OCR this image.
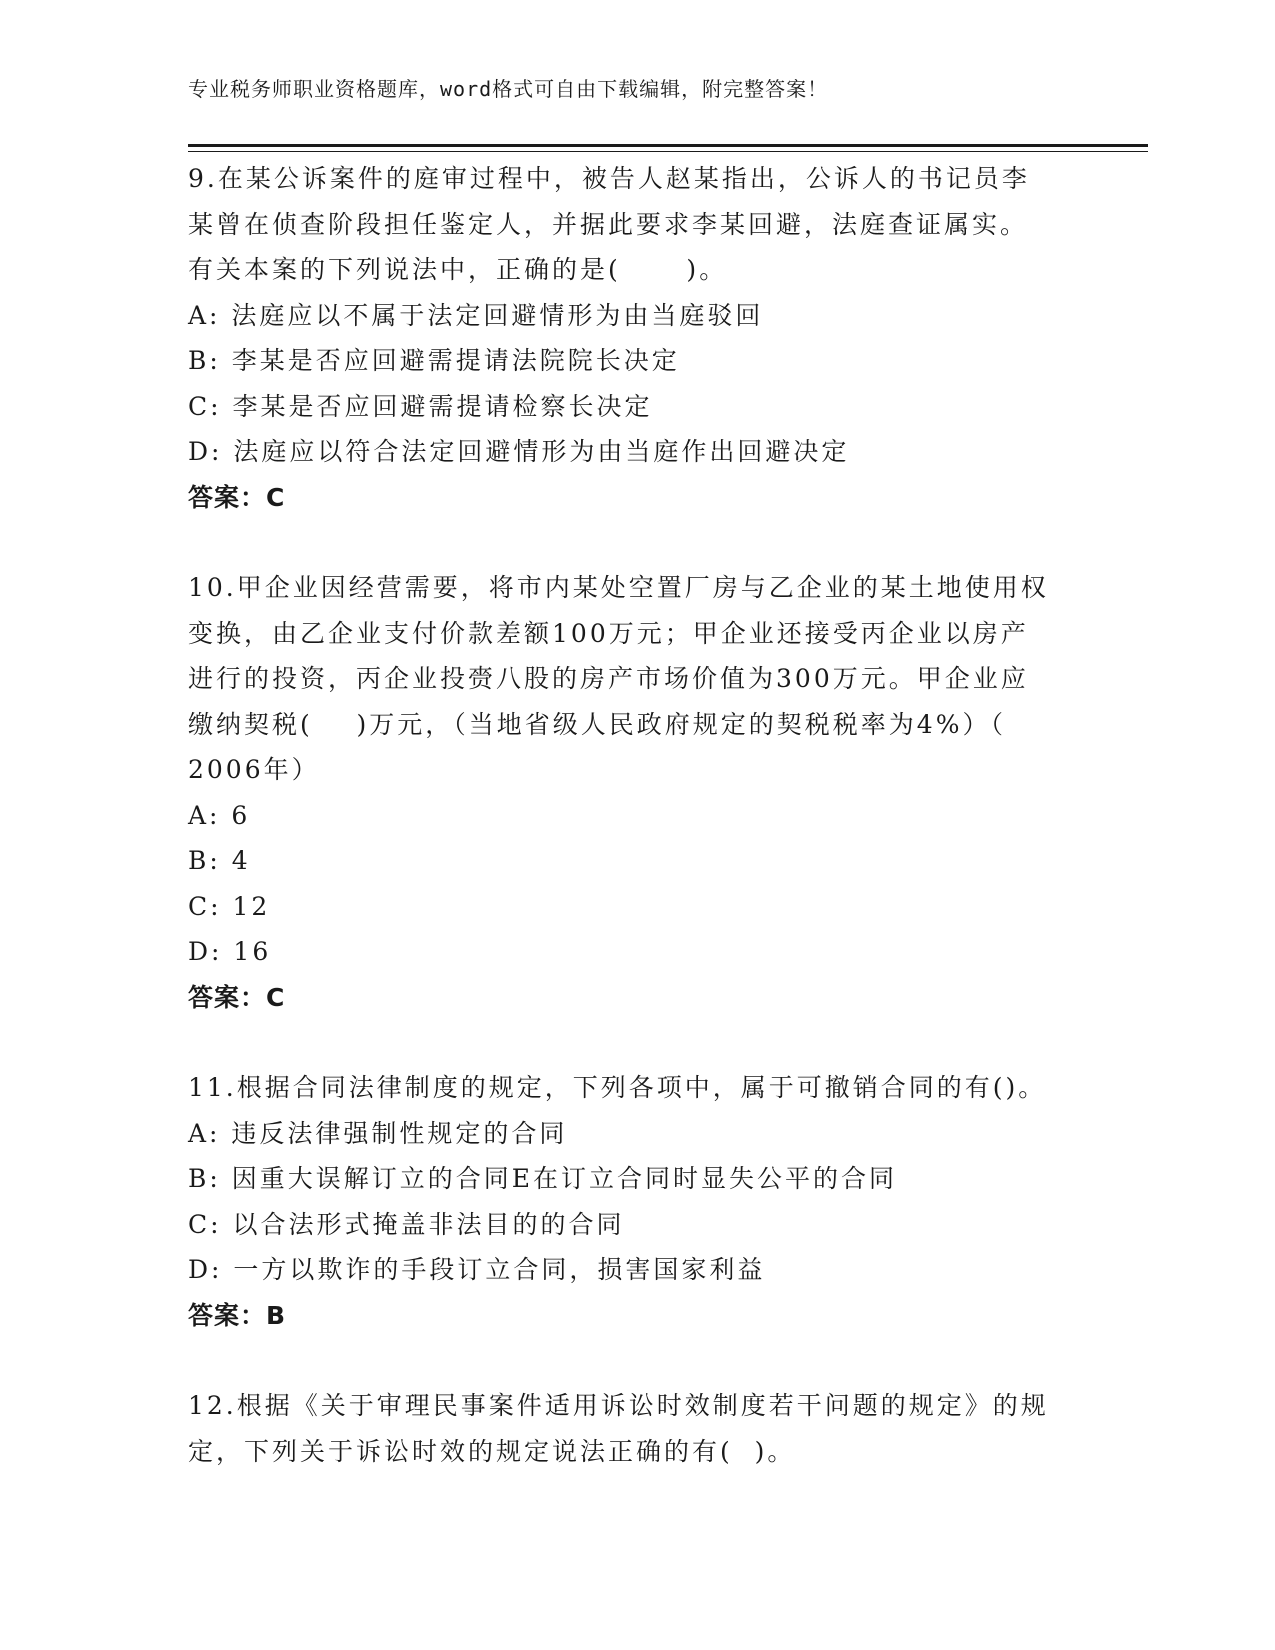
专业税务师职业资格题库，word格式可自由下载编辑，附完整答案！

9.在某公诉案件的庭审过程中，被告人赵某指出，公诉人的书记员李

某曾在侦查阶段担任鉴定人，并据此要求李某回避，法庭查证属实。

有关本案的下列说法中，正确的是(      )。

A: 法庭应以不属于法定回避情形为由当庭驳回

B: 李某是否应回避需提请法院院长决定

C: 李某是否应回避需提请检察长决定

D: 法庭应以符合法定回避情形为由当庭作出回避决定

答案：C

10.甲企业因经营需要，将市内某处空置厂房与乙企业的某土地使用权

变换，由乙企业支付价款差额100万元；甲企业还接受丙企业以房产

进行的投资，丙企业投赍八股的房产市场价值为300万元。甲企业应

缴纳契税(    )万元，（当地省级人民政府规定的契税税率为4%）（

2006年）

A: 6

B: 4

C: 12

D: 16

答案：C

11.根据合同法律制度的规定，下列各项中，属于可撤销合同的有()。

A: 违反法律强制性规定的合同

B: 因重大误解订立的合同E在订立合同时显失公平的合同

C: 以合法形式掩盖非法目的的合同

D: 一方以欺诈的手段订立合同，损害国家利益

答案：B

12.根据《关于审理民事案件适用诉讼时效制度若干问题的规定》的规

定，下列关于诉讼时效的规定说法正确的有(  )。
